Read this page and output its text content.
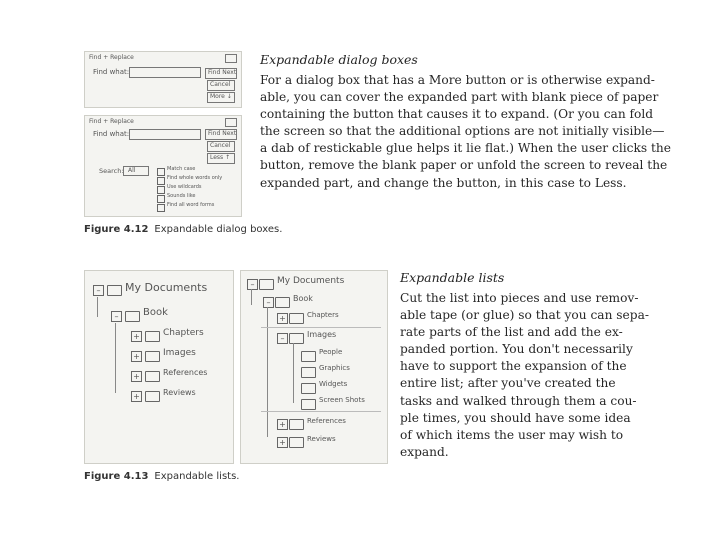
Find + Replace
Find what:	Find Next
Cancel
More ↓
Find + Replace
Find what:	Find Next
Cancel
Less ↑
Search: All	Match case
Find whole words only
Use wildcards
Sounds like
Find all word forms
Expandable dialog boxes
For a dialog box that has a More button or is otherwise expand-
able, you can cover the expanded part with blank piece of paper
containing the button that causes it to expand. (Or you can fold
the screen so that the additional options are not initially visible—
a dab of restickable glue helps it lie flat.) When the user clicks the
button, remove the blank paper or unfold the screen to reveal the
expanded part, and change the button, in this case to Less.
Figure 4.12 Expandable dialog boxes.
–	My Documents
–	Book
+	Chapters
+	Images
+	References
+	Reviews
–	My Documents
–	Book
+	Chapters
–	Images
People
Graphics
Widgets
Screen Shots
+	References
+	Reviews
Expandable lists
Cut the list into pieces and use remov-
able tape (or glue) so that you can sepa-
rate parts of the list and add the ex-
panded portion. You don't necessarily
have to support the expansion of the
entire list; after you've created the
tasks and walked through them a cou-
ple times, you should have some idea
of which items the user may wish to
expand.
Figure 4.13 Expandable lists.
